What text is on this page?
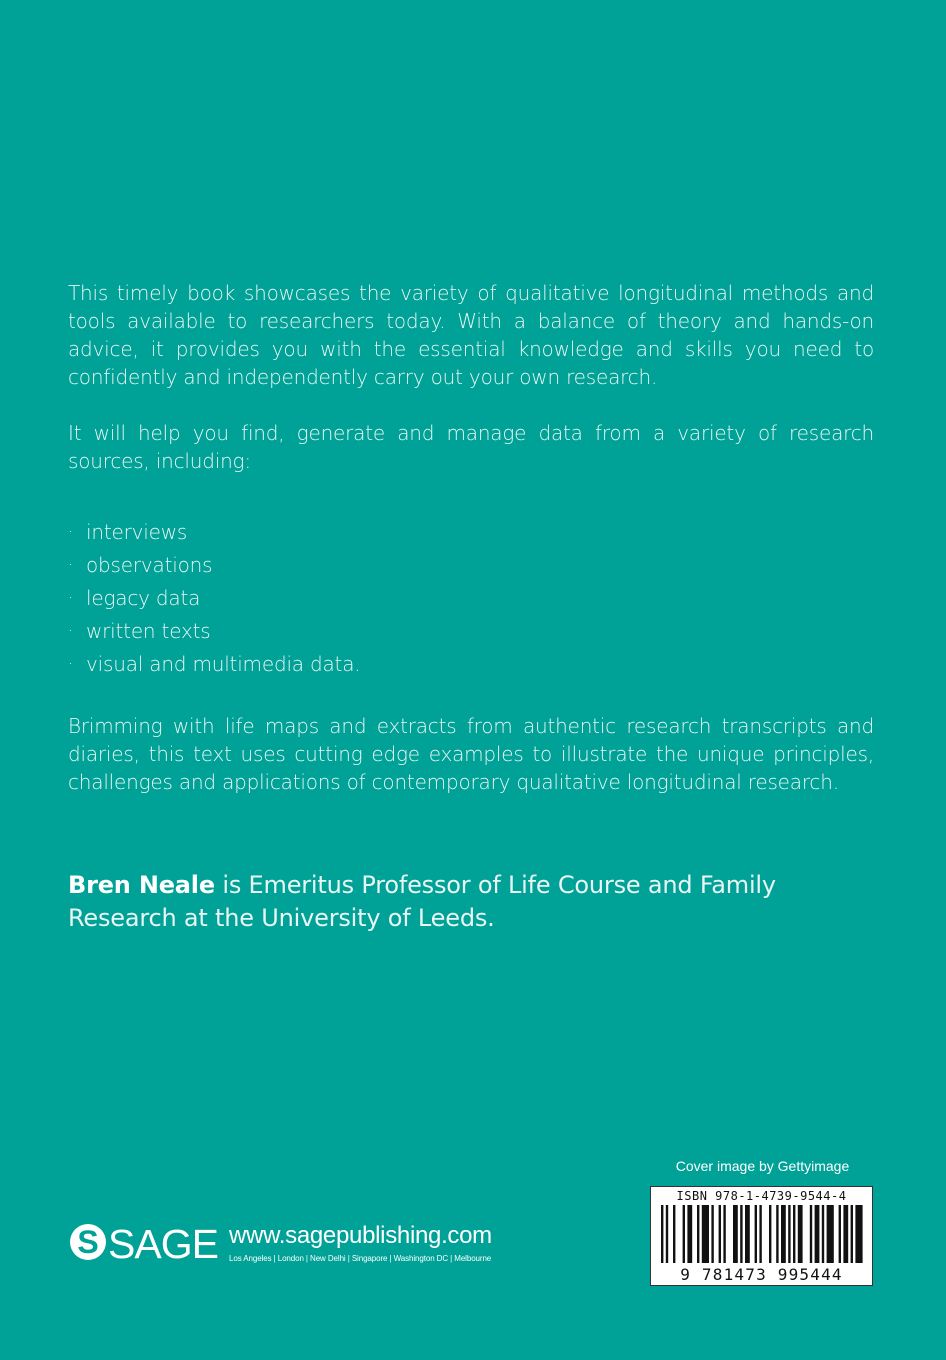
This timely book showcases the variety of qualitative longitudinal methods and tools available to researchers today. With a balance of theory and hands-on advice, it provides you with the essential knowledge and skills you need to confidently and independently carry out your own research.

It will help you find, generate and manage data from a variety of research sources, including:

· interviews
· observations
· legacy data
· written texts
· visual and multimedia data.

Brimming with life maps and extracts from authentic research transcripts and diaries, this text uses cutting edge examples to illustrate the unique principles, challenges and applications of contemporary qualitative longitudinal research.

Bren Neale is Emeritus Professor of Life Course and Family Research at the University of Leeds.
Cover image by Gettyimage
ISBN 978-1-4739-9544-4
9 781473 995444
S SAGE www.sagepublishing.com
Los Angeles | London | New Delhi | Singapore | Washington DC | Melbourne
